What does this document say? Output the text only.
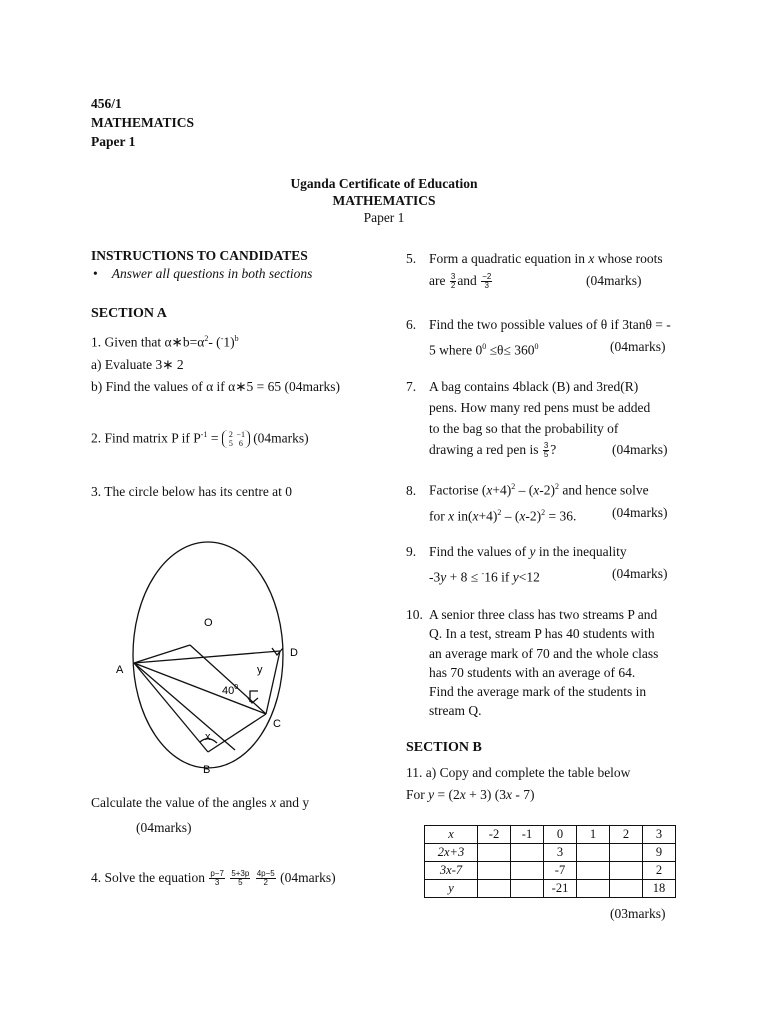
456/1
MATHEMATICS
Paper 1
Uganda Certificate of Education
MATHEMATICS
Paper 1
INSTRUCTIONS TO CANDIDATES
• Answer all questions in both sections
SECTION A
1. Given that $\alpha∗b=\alpha^2-$ $(^-1)^b$
a) Evaluate 3∗ 2
b) Find the values of α if α∗5 = 65 (04marks)
2. Find matrix P if $P^{-1} = 2 -1$
5 6 (04marks)
3. The circle below has its centre at 0
O
A
B
C
D
x
y
$40^0$
Calculate the value of the angles x and y
(04marks)
4. Solve the equation $\frac{p-7}{3}$
$\frac{5+3p}{5}$
$\frac{4p-5}{2}$ (04marks)
5. Form a quadratic equation in x whose roots
are $\frac{3}{2}$ and $\frac{-2}{3}$	(04marks)
6. Find the two possible values of θ if 3tanθ = -
5 where $0^0 \le\theta\le 360^0$	(04marks)
7. A bag contains 4black (B) and 3red(R)
pens. How many red pens must be added
to the bag so that the probability of
drawing a red pen is $\frac{3}{5}$ ?	(04marks)
8. Factorise $(x+4)^2 - (x-2)^2$ and hence solve
for x $in(x+4)^2 - (x-2)^2 = 36$.	(04marks)
9. Find the values of y in the inequality
-3y + 8 ≤ -16 if y<12	(04marks)
10. A senior three class has two streams P and
Q. In a test, stream P has 40 students with
an average mark of 70 and the whole class
has 70 students with an average of 64.
Find the average mark of the students in
stream Q.
SECTION B
11. a) Copy and complete the table below
For y = (2x + 3) (3x - 7)
x	-2	-1	0	1	2	3
2x+3			3			9
3x-7			-7			2
y			-21			18
(03marks)
